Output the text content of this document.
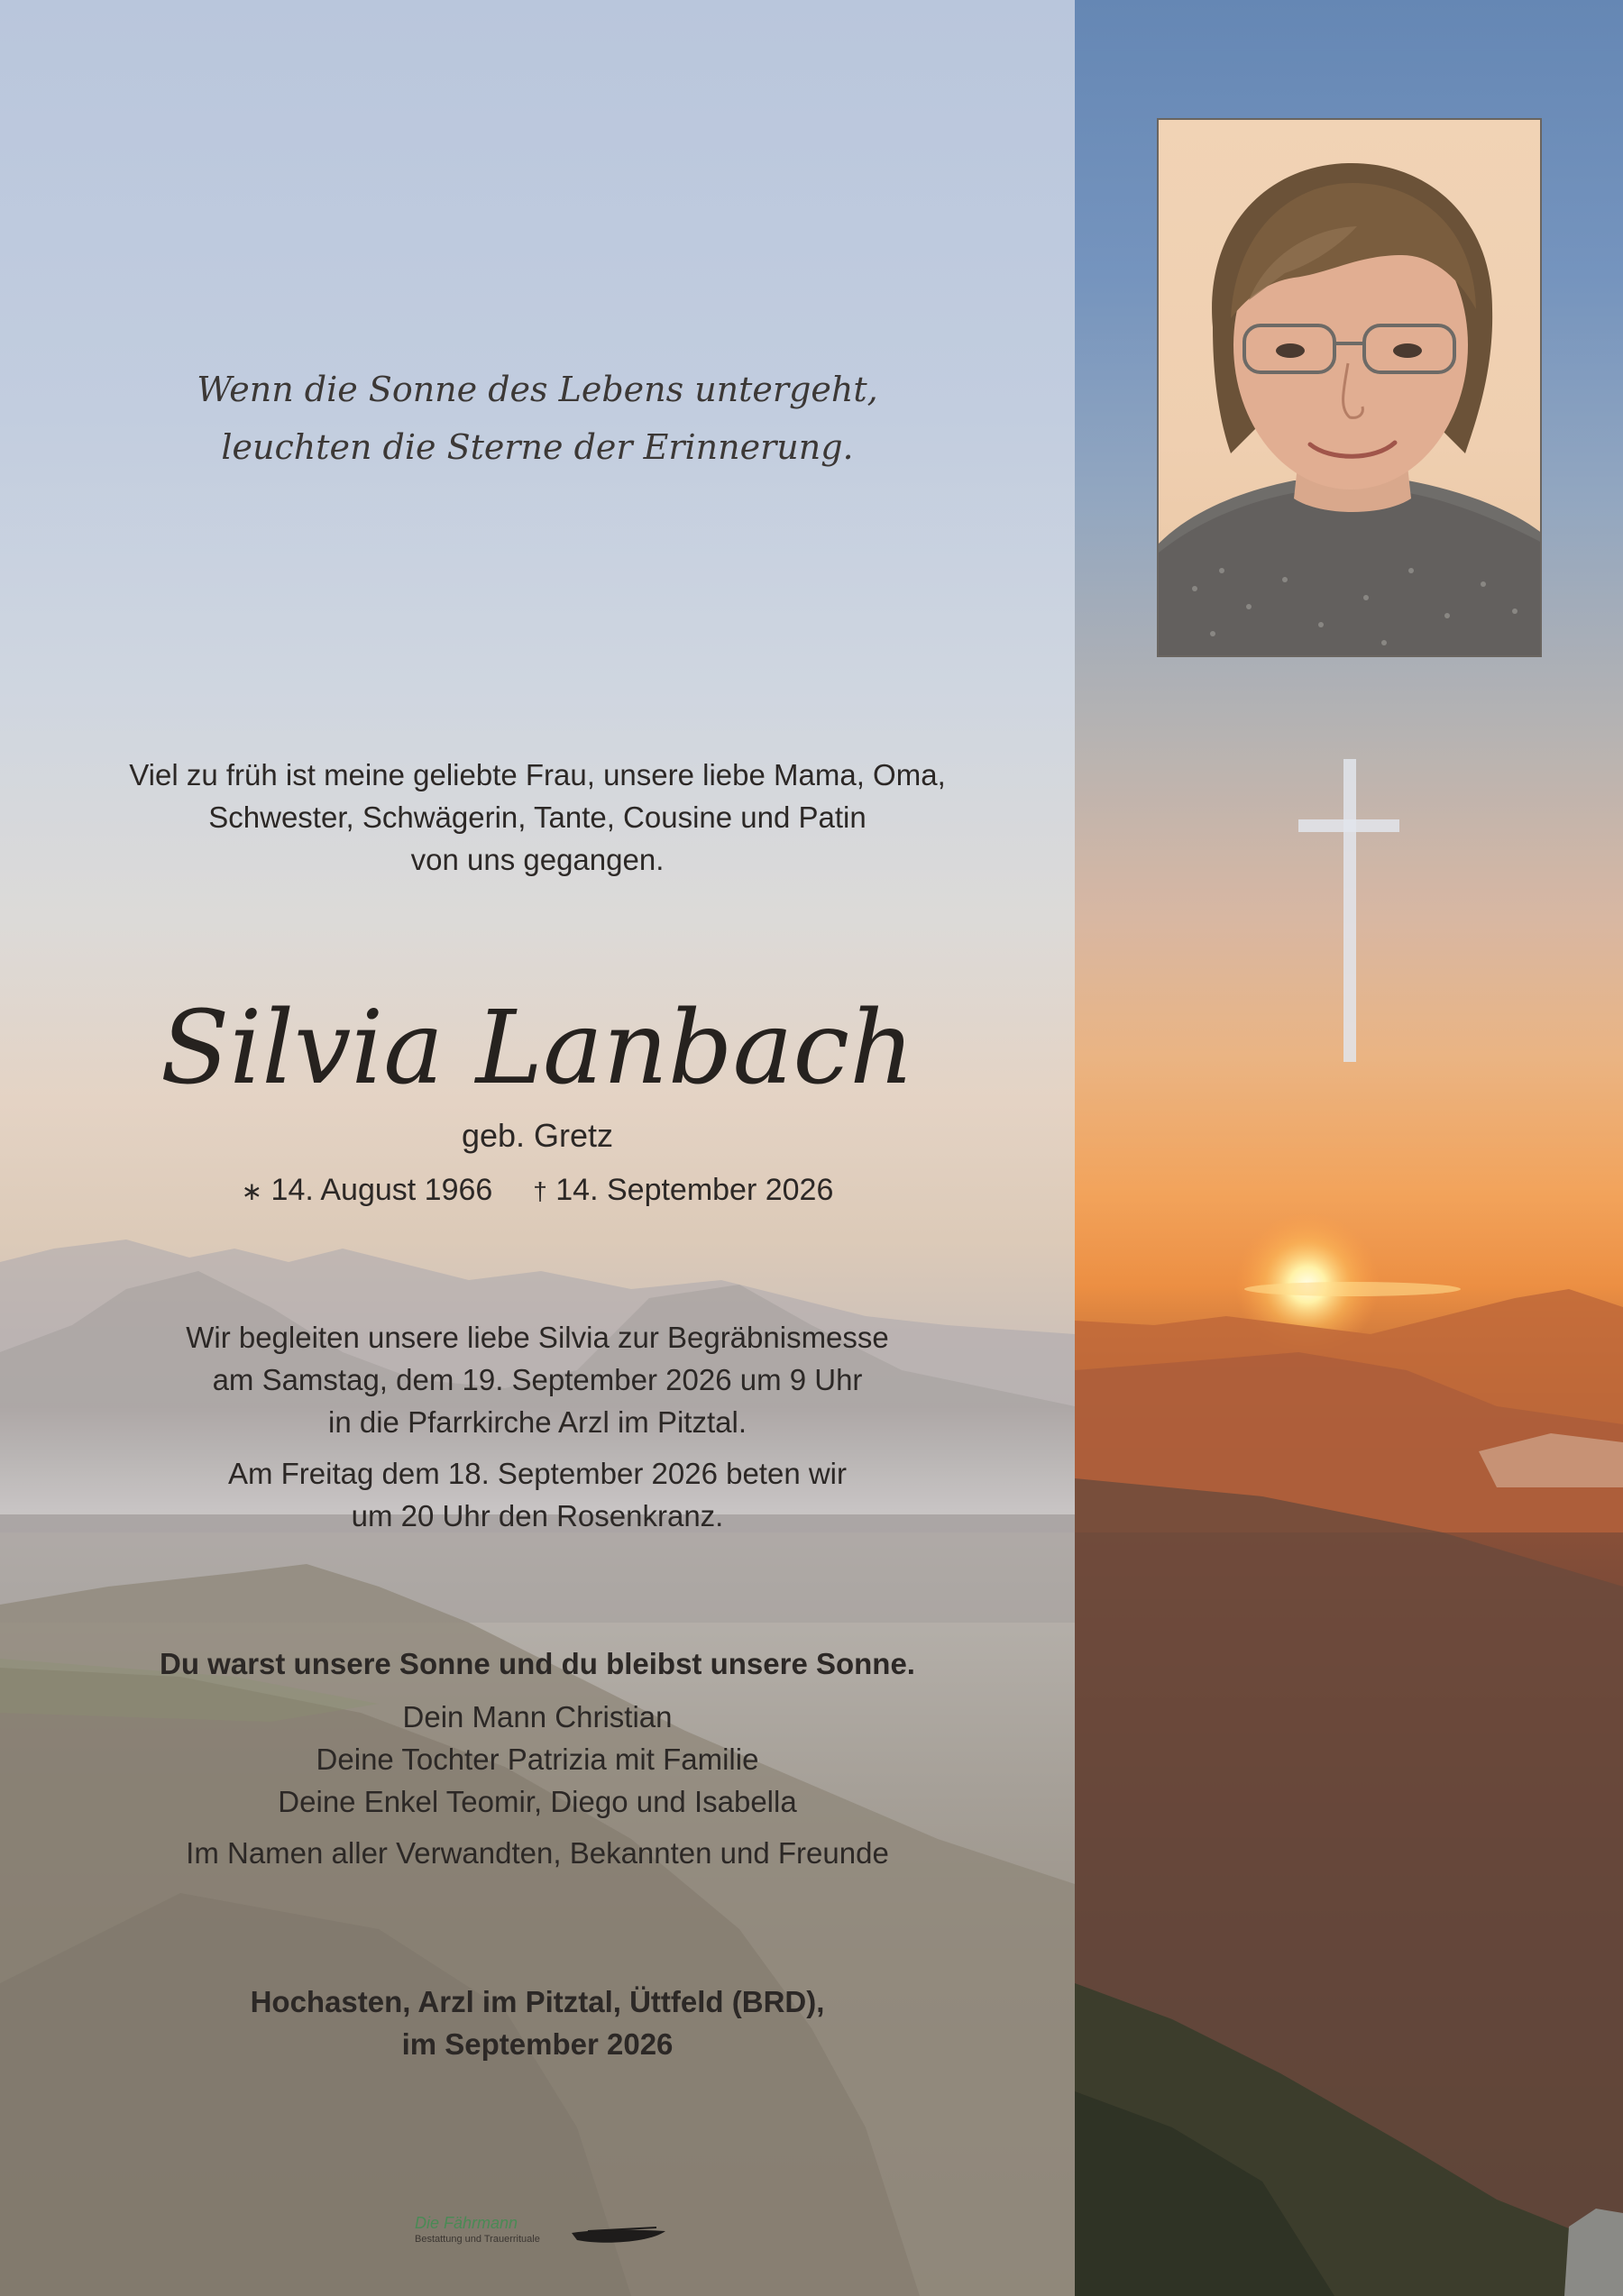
Wenn die Sonne des Lebens untergeht,
leuchten die Sterne der Erinnerung.
Viel zu früh ist meine geliebte Frau, unsere liebe Mama, Oma,
Schwester, Schwägerin, Tante, Cousine und Patin
von uns gegangen.
Silvia Lanbach
geb. Gretz
∗ 14. August 1966 † 14. September 2026
Wir begleiten unsere liebe Silvia zur Begräbnismesse
am Samstag, dem 19. September 2026 um 9 Uhr
in die Pfarrkirche Arzl im Pitztal.
Am Freitag dem 18. September 2026 beten wir
um 20 Uhr den Rosenkranz.
Du warst unsere Sonne und du bleibst unsere Sonne.
Dein Mann Christian
Deine Tochter Patrizia mit Familie
Deine Enkel Teomir, Diego und Isabella
Im Namen aller Verwandten, Bekannten und Freunde
Hochasten, Arzl im Pitztal, Üttfeld (BRD),
im September 2026
Die Fährmann
Bestattung und Trauerrituale
